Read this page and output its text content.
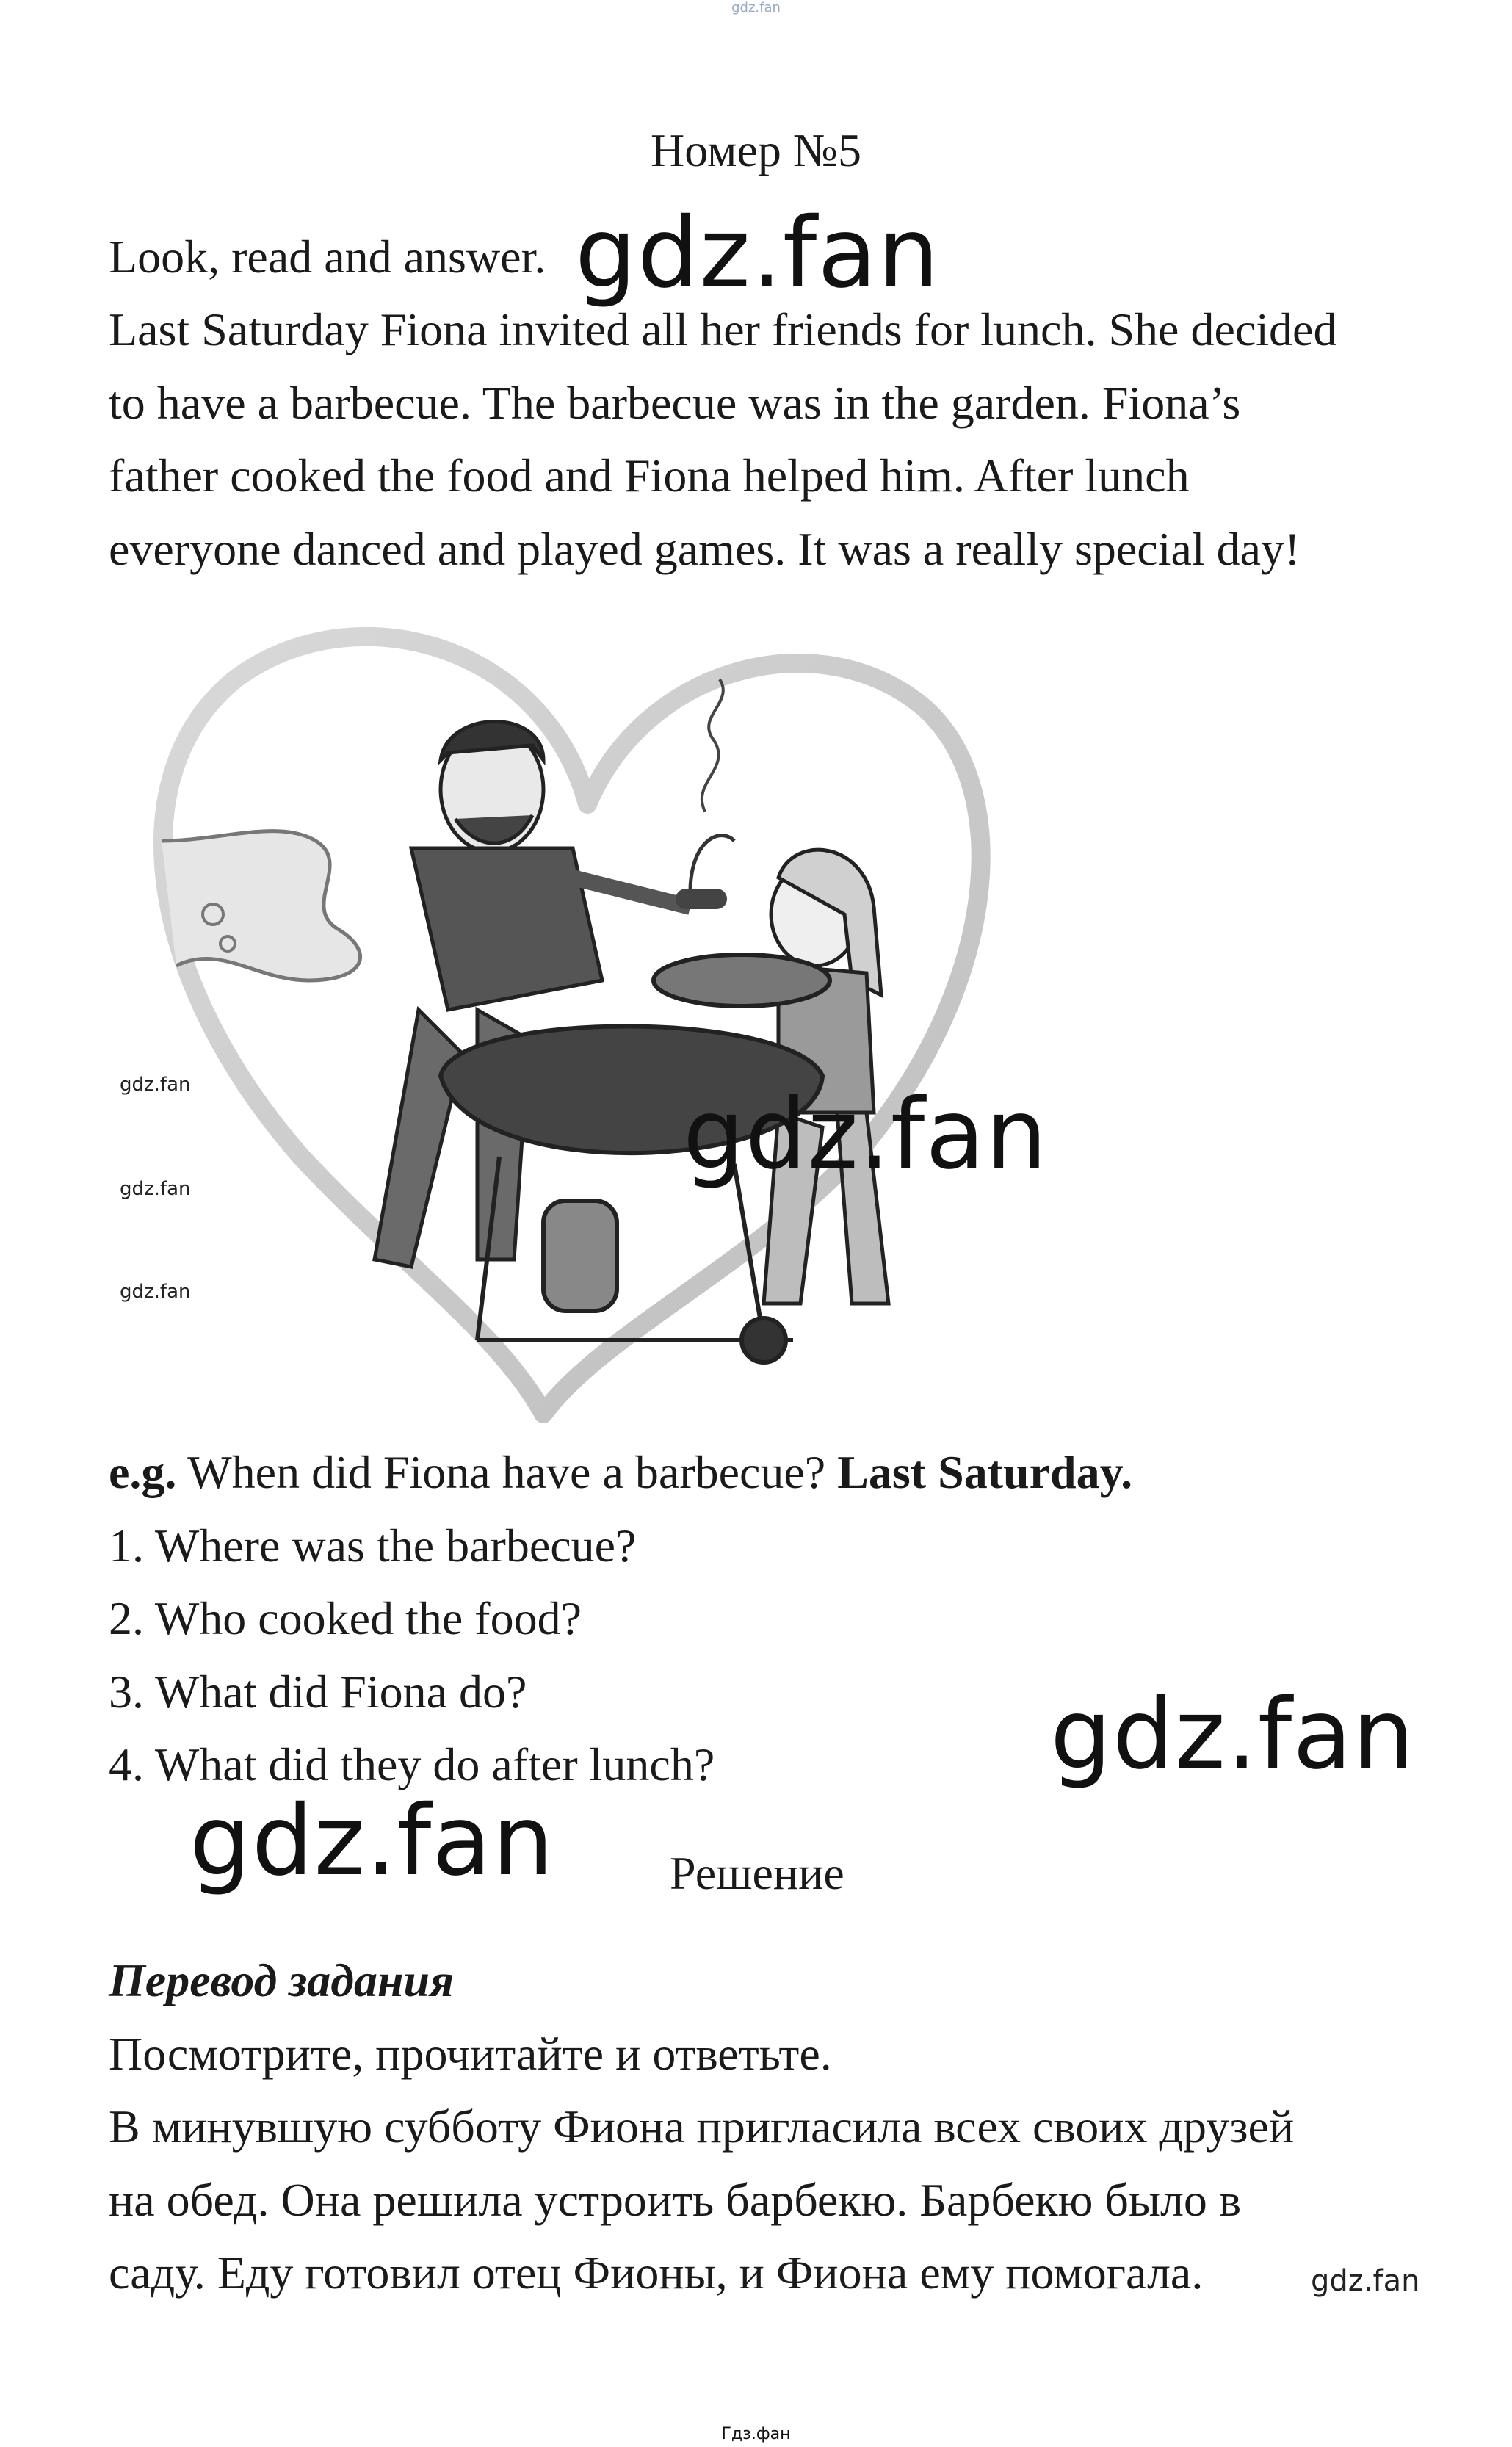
gdz.fan
Номер №5
Look, read and answer.
Last Saturday Fiona invited all her friends for lunch. She decided
to have a barbecue. The barbecue was in the garden. Fiona’s
father cooked the food and Fiona helped him. After lunch
everyone danced and played games. It was a really special day!
gdz.fan
gdz.fan
gdz.fan
gdz.fan
gdz.fan
gdz.fan
gdz.fan
gdz.fan
e.g. When did Fiona have a barbecue? Last Saturday.
1. Where was the barbecue?
2. Who cooked the food?
3. What did Fiona do?
4. What did they do after lunch?
Решение
Перевод задания
Посмотрите, прочитайте и ответьте.
В минувшую субботу Фиона пригласила всех своих друзей
на обед. Она решила устроить барбекю. Барбекю было в
саду. Еду готовил отец Фионы, и Фиона ему помогала.
Гдз.фан
